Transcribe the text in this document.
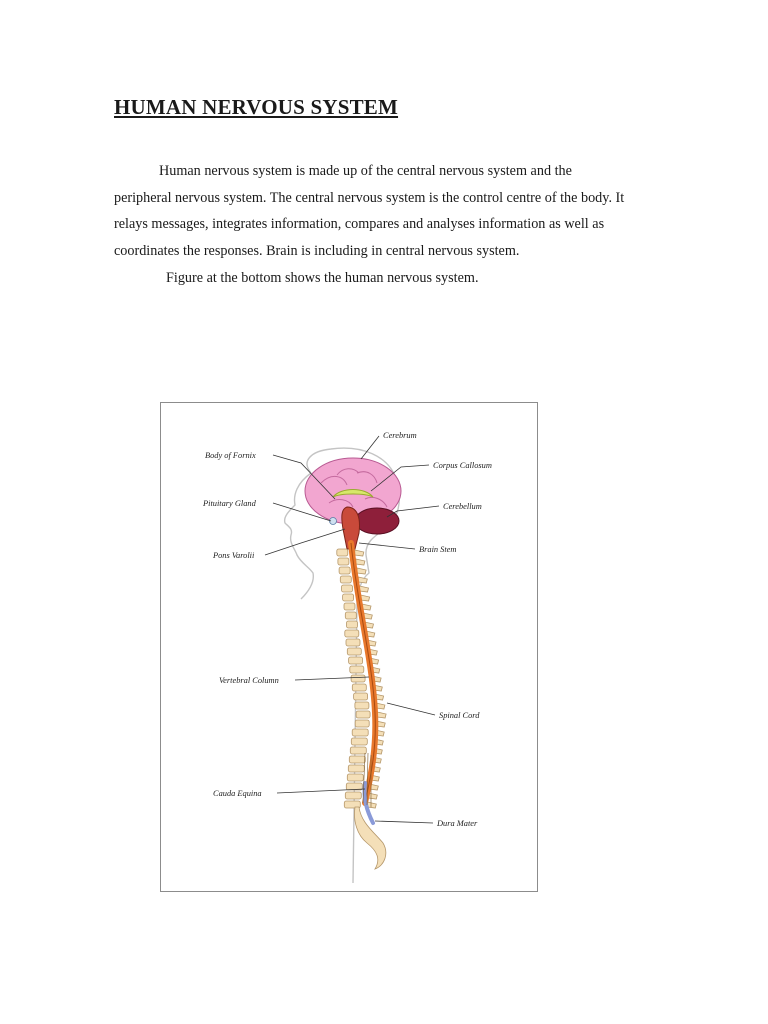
HUMAN NERVOUS SYSTEM

Human nervous system is made up of the central nervous system and the
peripheral nervous system. The central nervous system is the control centre of the body. It
relays messages, integrates information, compares and analyses information as well as
coordinates the responses. Brain is including in central nervous system.

Figure at the bottom shows the human nervous system.

Cerebrum
Body of Fornix
Corpus Callosum
Pituitary Gland	Cerebellum
Pons Varolii
Brain Stem
Vertebral Column
Spinal Cord
Cauda Equina
Dura Mater
